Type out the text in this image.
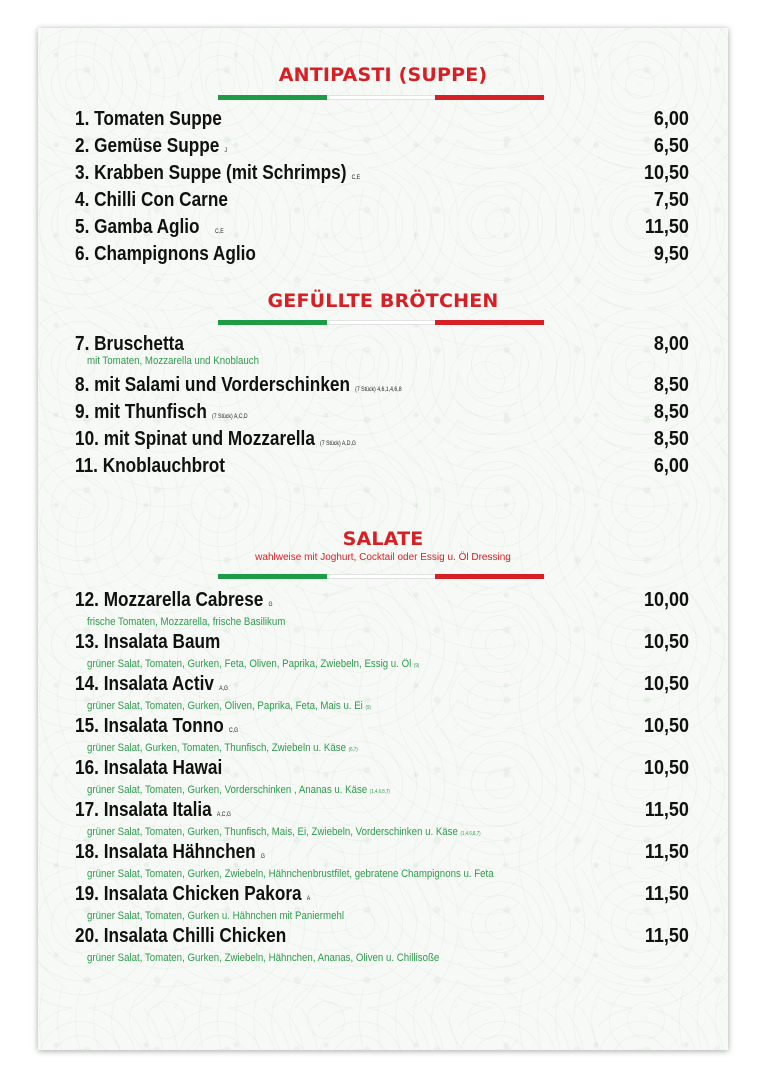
ANTIPASTI (SUPPE)
1. Tomaten Suppe	6,00
2. Gemüse Suppe J	6,50
3. Krabben Suppe (mit Schrimps) C,E	10,50
4. Chilli Con Carne	7,50
5. Gamba Aglio	C,E	11,50
6. Champignons Aglio	9,50
GEFÜLLTE BRÖTCHEN
7. Bruschetta	8,00
mit Tomaten, Mozzarella und Knoblauch
8. mit Salami und Vorderschinken (7 Stück) 4,6,1,4,6,8	8,50
9. mit Thunfisch (7 Stück) A,C,D	8,50
10. mit Spinat und Mozzarella (7 Stück) A,D,G	8,50
11. Knoblauchbrot	6,00
SALATE
wahlweise mit Joghurt, Cocktail oder Essig u. Öl Dressing
12. Mozzarella Cabrese G	10,00
frische Tomaten, Mozzarella, frische Basilikum
13. Insalata Baum	10,50
grüner Salat, Tomaten, Gurken, Feta, Oliven, Paprika, Zwiebeln, Essig u. Öl (9)
14. Insalata Activ A,G	10,50
grüner Salat, Tomaten, Gurken, Oliven, Paprika, Feta, Mais u. Ei (9)
15. Insalata Tonno C,G	10,50
grüner Salat, Gurken, Tomaten, Thunfisch, Zwiebeln u. Käse (6,7)
16. Insalata Hawai	10,50
grüner Salat, Tomaten, Gurken, Vorderschinken , Ananas u. Käse (1,4,6,8,7)
17. Insalata Italia A,C,G	11,50
grüner Salat, Tomaten, Gurken, Thunfisch, Mais, Ei, Zwiebeln, Vorderschinken u. Käse (1,4,6,8,7)
18. Insalata Hähnchen G	11,50
grüner Salat, Tomaten, Gurken, Zwiebeln, Hähnchenbrustfilet, gebratene Champignons u. Feta
19. Insalata Chicken Pakora A	11,50
grüner Salat, Tomaten, Gurken u. Hähnchen mit Paniermehl
20. Insalata Chilli Chicken	11,50
grüner Salat, Tomaten, Gurken, Zwiebeln, Hähnchen, Ananas, Oliven u. Chillisoße
